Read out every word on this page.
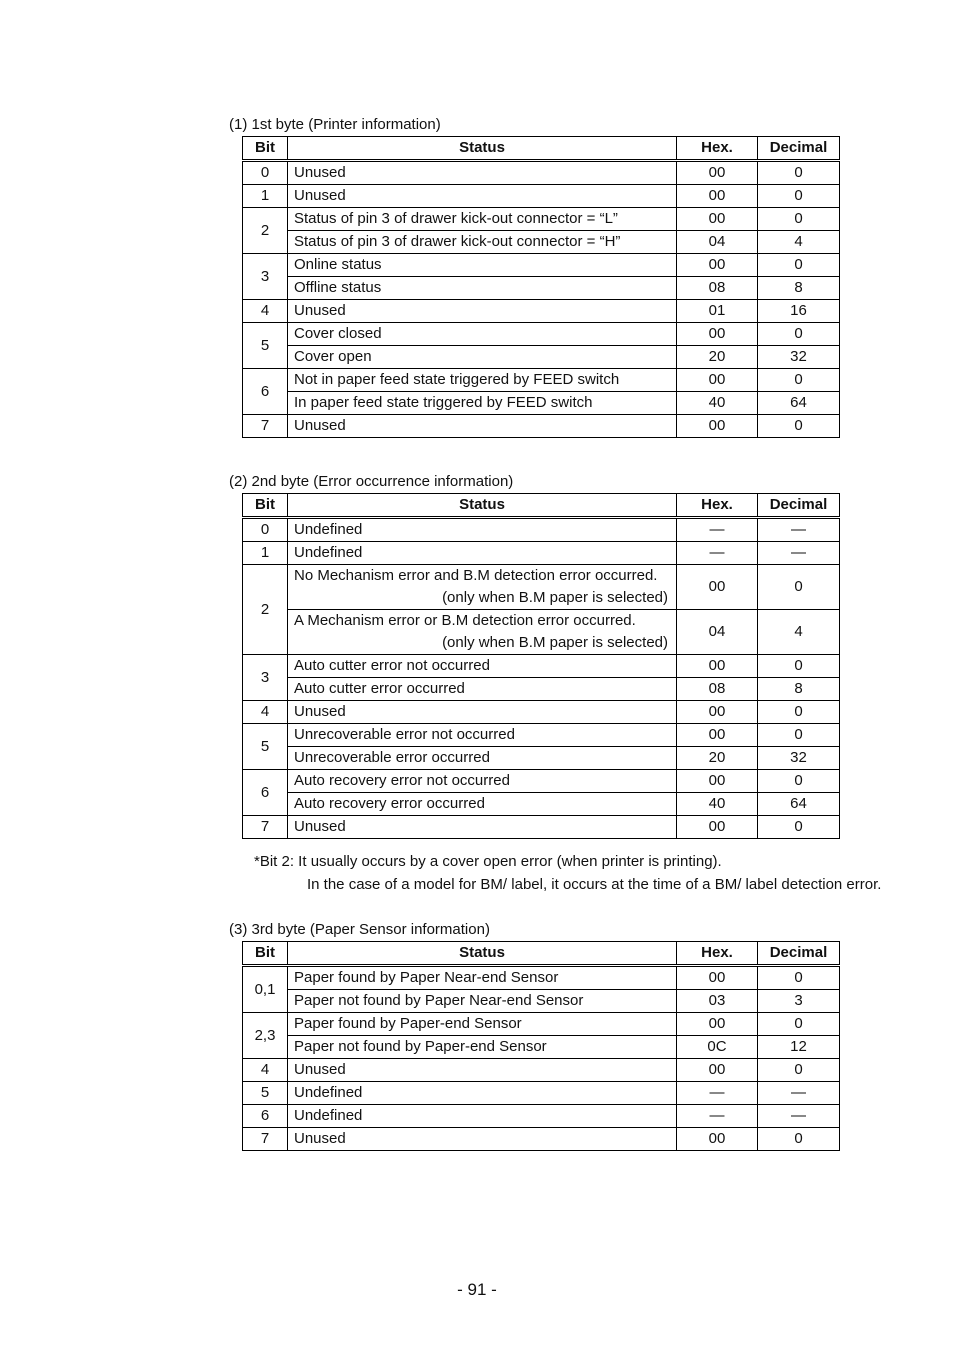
(1) 1st byte (Printer information)
Bit	Status	Hex.	Decimal
0	Unused	00	0
1	Unused	00	0
2	Status of pin 3 of drawer kick-out connector = “L”	00	0
	Status of pin 3 of drawer kick-out connector = “H”	04	4
3	Online status	00	0
	Offline status	08	8
4	Unused	01	16
5	Cover closed	00	0
	Cover open	20	32
6	Not in paper feed state triggered by FEED switch	00	0
	In paper feed state triggered by FEED switch	40	64
7	Unused	00	0
(2) 2nd byte (Error occurrence information)
Bit	Status	Hex.	Decimal
0	Undefined	—	—
1	Undefined	—	—
2	No Mechanism error and B.M detection error occurred.
(only when B.M paper is selected)	00	0
	A Mechanism error or B.M detection error occurred.
(only when B.M paper is selected)	04	4
3	Auto cutter error not occurred	00	0
	Auto cutter error occurred	08	8
4	Unused	00	0
5	Unrecoverable error not occurred	00	0
	Unrecoverable error occurred	20	32
6	Auto recovery error not occurred	00	0
	Auto recovery error occurred	40	64
7	Unused	00	0
*Bit 2: It usually occurs by a cover open error (when printer is printing).
In the case of a model for BM/ label, it occurs at the time of a BM/ label detection error.
(3) 3rd byte (Paper Sensor information)
Bit	Status	Hex.	Decimal
0,1	Paper found by Paper Near-end Sensor	00	0
	Paper not found by Paper Near-end Sensor	03	3
2,3	Paper found by Paper-end Sensor	00	0
	Paper not found by Paper-end Sensor	0C	12
4	Unused	00	0
5	Undefined	—	—
6	Undefined	—	—
7	Unused	00	0
- 91 -
